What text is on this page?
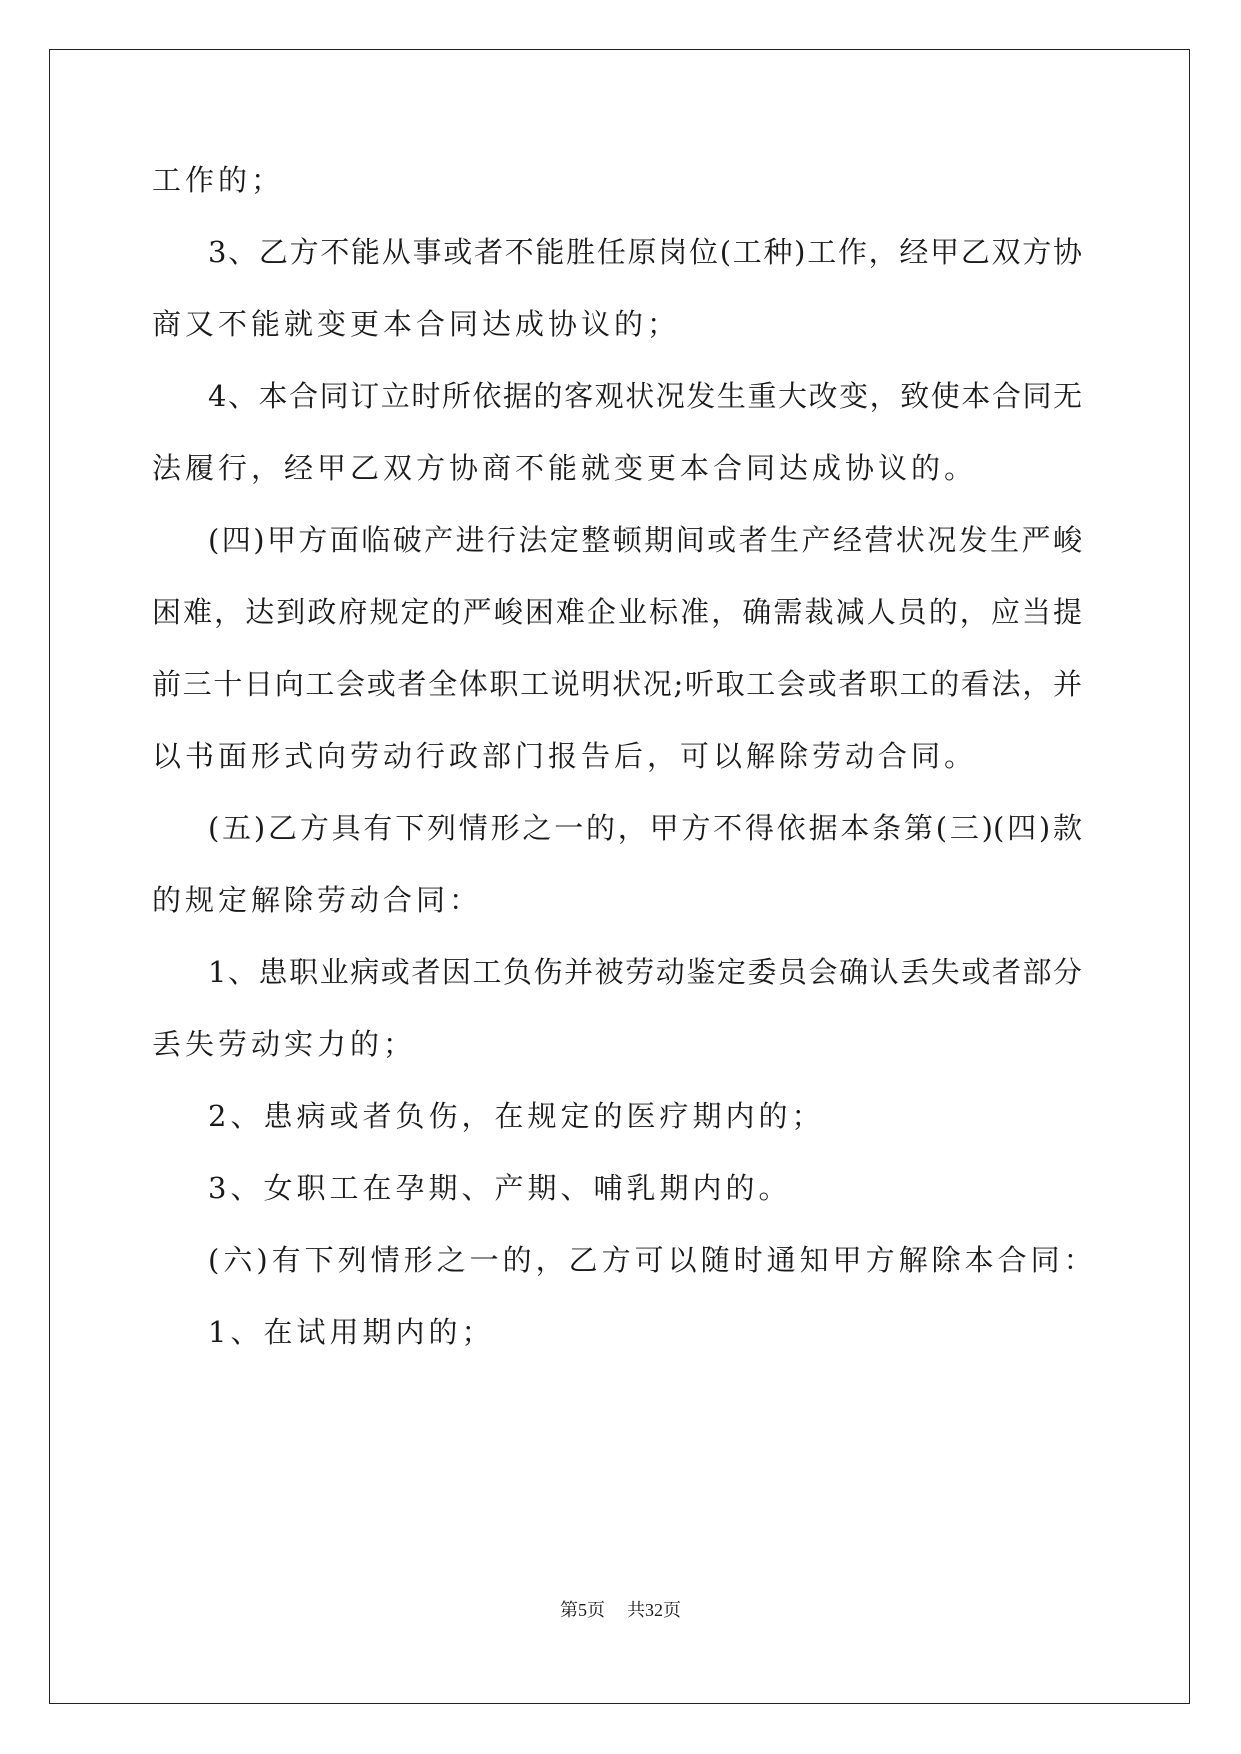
工作的；
3、乙方不能从事或者不能胜任原岗位(工种)工作，经甲乙双方协
商又不能就变更本合同达成协议的；
4、本合同订立时所依据的客观状况发生重大改变，致使本合同无
法履行，经甲乙双方协商不能就变更本合同达成协议的。
(四)甲方面临破产进行法定整顿期间或者生产经营状况发生严峻
困难，达到政府规定的严峻困难企业标准，确需裁减人员的，应当提
前三十日向工会或者全体职工说明状况;听取工会或者职工的看法，并
以书面形式向劳动行政部门报告后，可以解除劳动合同。
(五)乙方具有下列情形之一的，甲方不得依据本条第(三)(四)款
的规定解除劳动合同：
1、患职业病或者因工负伤并被劳动鉴定委员会确认丢失或者部分
丢失劳动实力的；
2、患病或者负伤，在规定的医疗期内的；
3、女职工在孕期、产期、哺乳期内的。
(六)有下列情形之一的，乙方可以随时通知甲方解除本合同：
1、在试用期内的；
第5页 共32页
